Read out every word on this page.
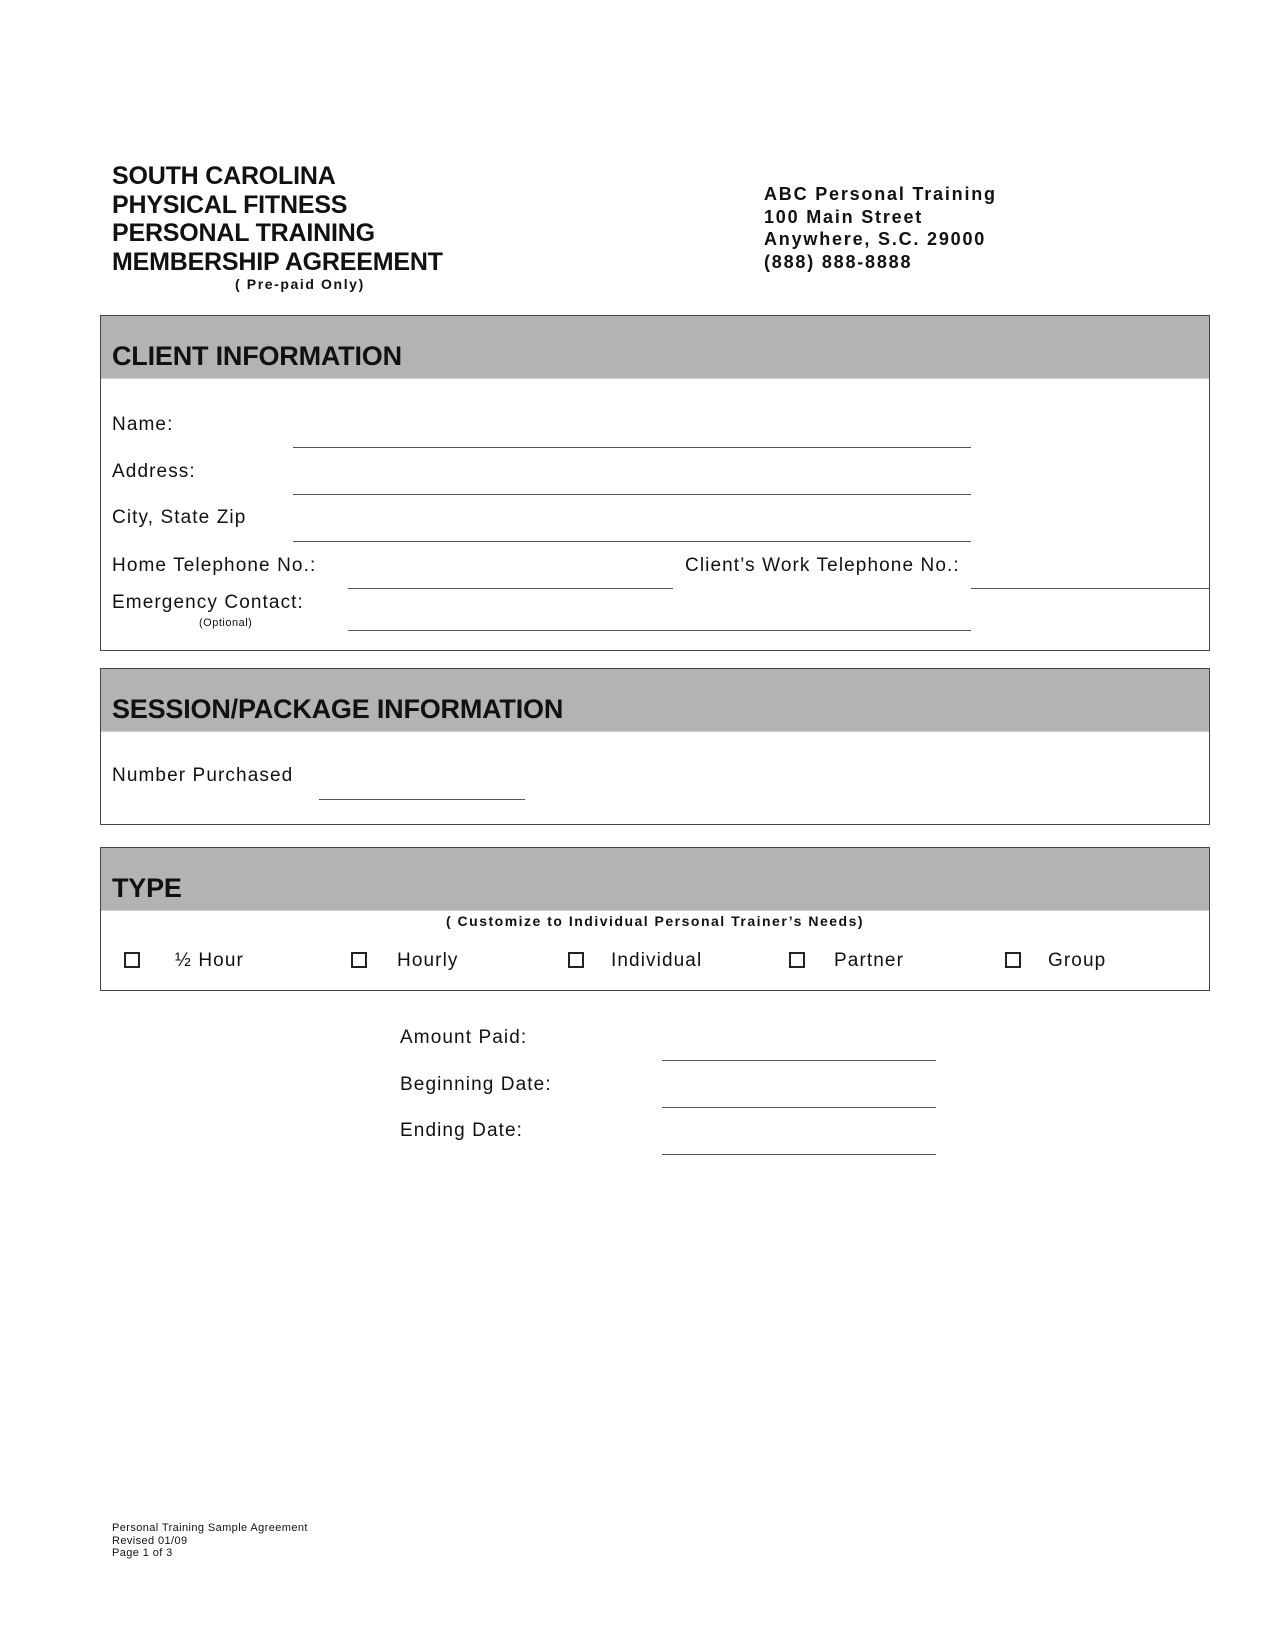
SOUTH CAROLINA
PHYSICAL FITNESS
PERSONAL TRAINING
MEMBERSHIP AGREEMENT
( Pre-paid Only)
ABC Personal Training
100 Main Street
Anywhere, S.C. 29000
(888) 888-8888
CLIENT INFORMATION
Name:
Address:
City, State Zip
Home Telephone No.:	Client’s Work Telephone No.:
Emergency Contact:
(Optional)
SESSION/PACKAGE INFORMATION
Number Purchased
TYPE
( Customize to Individual Personal Trainer’s Needs)
½ Hour	Hourly	Individual	Partner	Group
Amount Paid:
Beginning Date:
Ending Date:
Personal Training Sample Agreement
Revised 01/09
Page 1 of 3
